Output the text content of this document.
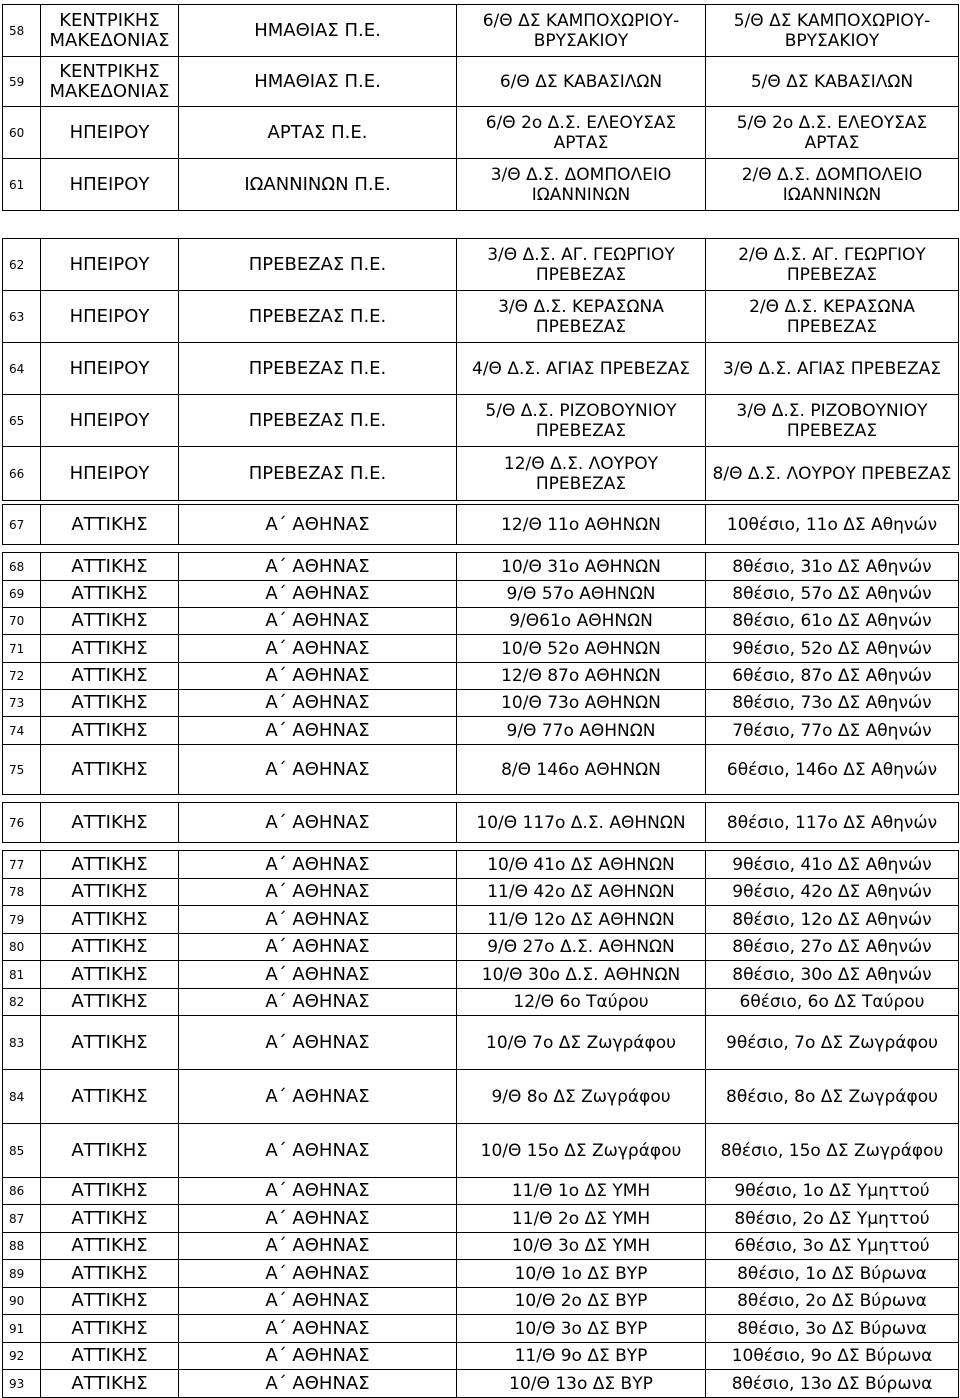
58	ΚΕΝΤΡΙΚΗΣ ΜΑΚΕΔΟΝΙΑΣ	ΗΜΑΘΙΑΣ Π.Ε.	6/Θ ΔΣ ΚΑΜΠΟΧΩΡΙΟΥ-ΒΡΥΣΑΚΙΟΥ	5/Θ ΔΣ ΚΑΜΠΟΧΩΡΙΟΥ-ΒΡΥΣΑΚΙΟΥ
59	ΚΕΝΤΡΙΚΗΣ ΜΑΚΕΔΟΝΙΑΣ	ΗΜΑΘΙΑΣ Π.Ε.	6/Θ ΔΣ ΚΑΒΑΣΙΛΩΝ	5/Θ ΔΣ ΚΑΒΑΣΙΛΩΝ
60	ΗΠΕΙΡΟΥ	ΑΡΤΑΣ Π.Ε.	6/Θ 2ο Δ.Σ. ΕΛΕΟΥΣΑΣ ΑΡΤΑΣ	5/Θ 2ο Δ.Σ. ΕΛΕΟΥΣΑΣ ΑΡΤΑΣ
61	ΗΠΕΙΡΟΥ	ΙΩΑΝΝΙΝΩΝ Π.Ε.	3/Θ Δ.Σ. ΔΟΜΠΟΛΕΙΟ ΙΩΑΝΝΙΝΩΝ	2/Θ Δ.Σ. ΔΟΜΠΟΛΕΙΟ ΙΩΑΝΝΙΝΩΝ
62	ΗΠΕΙΡΟΥ	ΠΡΕΒΕΖΑΣ Π.Ε.	3/Θ Δ.Σ. ΑΓ. ΓΕΩΡΓΙΟΥ ΠΡΕΒΕΖΑΣ	2/Θ Δ.Σ. ΑΓ. ΓΕΩΡΓΙΟΥ ΠΡΕΒΕΖΑΣ
63	ΗΠΕΙΡΟΥ	ΠΡΕΒΕΖΑΣ Π.Ε.	3/Θ Δ.Σ. ΚΕΡΑΣΩΝΑ ΠΡΕΒΕΖΑΣ	2/Θ Δ.Σ. ΚΕΡΑΣΩΝΑ ΠΡΕΒΕΖΑΣ
64	ΗΠΕΙΡΟΥ	ΠΡΕΒΕΖΑΣ Π.Ε.	4/Θ Δ.Σ. ΑΓΙΑΣ ΠΡΕΒΕΖΑΣ	3/Θ Δ.Σ. ΑΓΙΑΣ ΠΡΕΒΕΖΑΣ
65	ΗΠΕΙΡΟΥ	ΠΡΕΒΕΖΑΣ Π.Ε.	5/Θ Δ.Σ. ΡΙΖΟΒΟΥΝΙΟΥ ΠΡΕΒΕΖΑΣ	3/Θ Δ.Σ. ΡΙΖΟΒΟΥΝΙΟΥ ΠΡΕΒΕΖΑΣ
66	ΗΠΕΙΡΟΥ	ΠΡΕΒΕΖΑΣ Π.Ε.	12/Θ Δ.Σ. ΛΟΥΡΟΥ ΠΡΕΒΕΖΑΣ	8/Θ Δ.Σ. ΛΟΥΡΟΥ ΠΡΕΒΕΖΑΣ
67	ΑΤΤΙΚΗΣ	Α΄ ΑΘΗΝΑΣ	12/Θ 11ο ΑΘΗΝΩΝ	10θέσιο, 11ο ΔΣ Αθηνών
68	ΑΤΤΙΚΗΣ	Α΄ ΑΘΗΝΑΣ	10/Θ 31ο ΑΘΗΝΩΝ	8θέσιο, 31ο ΔΣ Αθηνών
69	ΑΤΤΙΚΗΣ	Α΄ ΑΘΗΝΑΣ	9/Θ 57ο ΑΘΗΝΩΝ	8θέσιο, 57ο ΔΣ Αθηνών
70	ΑΤΤΙΚΗΣ	Α΄ ΑΘΗΝΑΣ	9/Θ61ο ΑΘΗΝΩΝ	8θέσιο, 61ο ΔΣ Αθηνών
71	ΑΤΤΙΚΗΣ	Α΄ ΑΘΗΝΑΣ	10/Θ 52ο ΑΘΗΝΩΝ	9θέσιο, 52ο ΔΣ Αθηνών
72	ΑΤΤΙΚΗΣ	Α΄ ΑΘΗΝΑΣ	12/Θ 87ο ΑΘΗΝΩΝ	6θέσιο, 87ο ΔΣ Αθηνών
73	ΑΤΤΙΚΗΣ	Α΄ ΑΘΗΝΑΣ	10/Θ 73ο ΑΘΗΝΩΝ	8θέσιο, 73ο ΔΣ Αθηνών
74	ΑΤΤΙΚΗΣ	Α΄ ΑΘΗΝΑΣ	9/Θ 77ο ΑΘΗΝΩΝ	7θέσιο, 77ο ΔΣ Αθηνών
75	ΑΤΤΙΚΗΣ	Α΄ ΑΘΗΝΑΣ	8/Θ 146ο ΑΘΗΝΩΝ	6θέσιο, 146ο ΔΣ Αθηνών
76	ΑΤΤΙΚΗΣ	Α΄ ΑΘΗΝΑΣ	10/Θ 117ο Δ.Σ. ΑΘΗΝΩΝ	8θέσιο, 117ο ΔΣ Αθηνών
77	ΑΤΤΙΚΗΣ	Α΄ ΑΘΗΝΑΣ	10/Θ 41ο ΔΣ ΑΘΗΝΩΝ	9θέσιο, 41ο ΔΣ Αθηνών
78	ΑΤΤΙΚΗΣ	Α΄ ΑΘΗΝΑΣ	11/Θ 42ο ΔΣ ΑΘΗΝΩΝ	9θέσιο, 42ο ΔΣ Αθηνών
79	ΑΤΤΙΚΗΣ	Α΄ ΑΘΗΝΑΣ	11/Θ 12ο ΔΣ ΑΘΗΝΩΝ	8θέσιο, 12ο ΔΣ Αθηνών
80	ΑΤΤΙΚΗΣ	Α΄ ΑΘΗΝΑΣ	9/Θ 27ο Δ.Σ. ΑΘΗΝΩΝ	8θέσιο, 27ο ΔΣ Αθηνών
81	ΑΤΤΙΚΗΣ	Α΄ ΑΘΗΝΑΣ	10/Θ 30ο Δ.Σ. ΑΘΗΝΩΝ	8θέσιο, 30ο ΔΣ Αθηνών
82	ΑΤΤΙΚΗΣ	Α΄ ΑΘΗΝΑΣ	12/Θ 6ο Ταύρου	6θέσιο, 6ο ΔΣ Ταύρου
83	ΑΤΤΙΚΗΣ	Α΄ ΑΘΗΝΑΣ	10/Θ 7ο ΔΣ Ζωγράφου	9θέσιο, 7ο ΔΣ Ζωγράφου
84	ΑΤΤΙΚΗΣ	Α΄ ΑΘΗΝΑΣ	9/Θ 8ο ΔΣ Ζωγράφου	8θέσιο, 8ο ΔΣ Ζωγράφου
85	ΑΤΤΙΚΗΣ	Α΄ ΑΘΗΝΑΣ	10/Θ 15ο ΔΣ Ζωγράφου	8θέσιο, 15ο ΔΣ Ζωγράφου
86	ΑΤΤΙΚΗΣ	Α΄ ΑΘΗΝΑΣ	11/Θ 1ο ΔΣ ΥΜΗ	9θέσιο, 1ο ΔΣ Υμηττού
87	ΑΤΤΙΚΗΣ	Α΄ ΑΘΗΝΑΣ	11/Θ 2ο ΔΣ ΥΜΗ	8θέσιο, 2ο ΔΣ Υμηττού
88	ΑΤΤΙΚΗΣ	Α΄ ΑΘΗΝΑΣ	10/Θ 3ο ΔΣ ΥΜΗ	6θέσιο, 3ο ΔΣ Υμηττού
89	ΑΤΤΙΚΗΣ	Α΄ ΑΘΗΝΑΣ	10/Θ 1ο ΔΣ ΒΥΡ	8θέσιο, 1ο ΔΣ Βύρωνα
90	ΑΤΤΙΚΗΣ	Α΄ ΑΘΗΝΑΣ	10/Θ 2ο ΔΣ ΒΥΡ	8θέσιο, 2ο ΔΣ Βύρωνα
91	ΑΤΤΙΚΗΣ	Α΄ ΑΘΗΝΑΣ	10/Θ 3ο ΔΣ ΒΥΡ	8θέσιο, 3ο ΔΣ Βύρωνα
92	ΑΤΤΙΚΗΣ	Α΄ ΑΘΗΝΑΣ	11/Θ 9ο ΔΣ ΒΥΡ	10θέσιο, 9ο ΔΣ Βύρωνα
93	ΑΤΤΙΚΗΣ	Α΄ ΑΘΗΝΑΣ	10/Θ 13ο ΔΣ ΒΥΡ	8θέσιο, 13ο ΔΣ Βύρωνα
